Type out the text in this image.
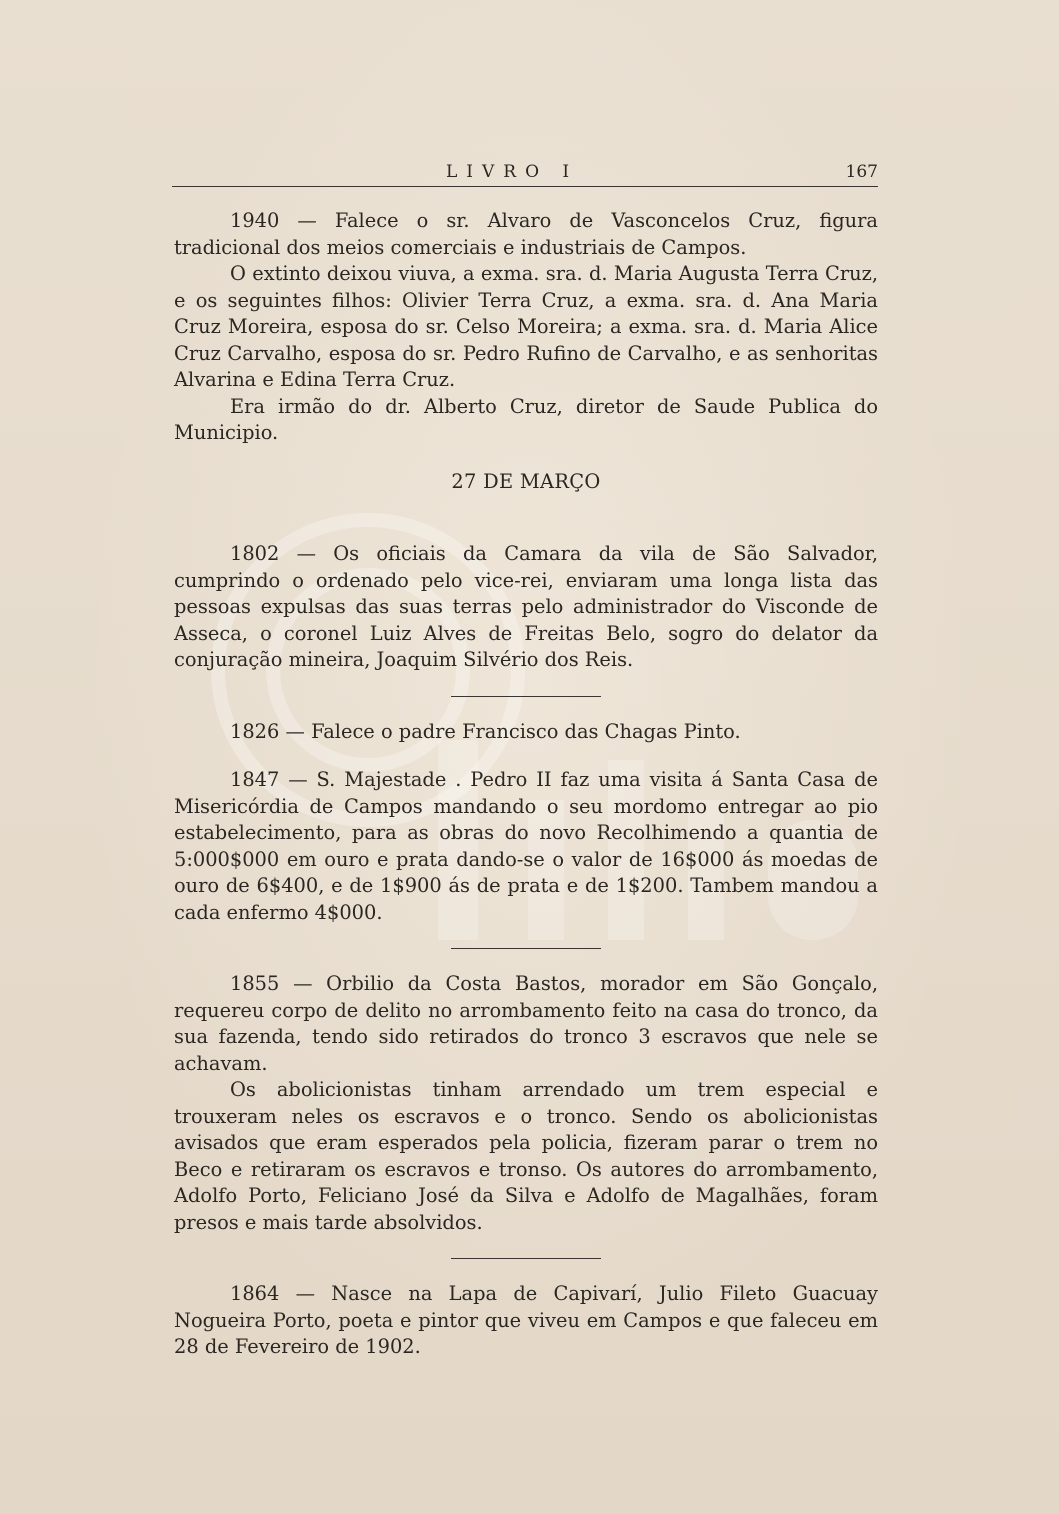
LIVRO I	167

1940 — Falece o sr. Alvaro de Vasconcelos Cruz, figura tradicional dos meios comerciais e industriais de Campos.

O extinto deixou viuva, a exma. sra. d. Maria Augusta Terra Cruz, e os seguintes filhos: Olivier Terra Cruz, a exma. sra. d. Ana Maria Cruz Moreira, esposa do sr. Celso Moreira; a exma. sra. d. Maria Alice Cruz Carvalho, esposa do sr. Pedro Rufino de Carvalho, e as senhoritas Alvarina e Edina Terra Cruz.

Era irmão do dr. Alberto Cruz, diretor de Saude Publica do Municipio.

27 DE MARÇO

1802 — Os oficiais da Camara da vila de São Salvador, cumprindo o ordenado pelo vice-rei, enviaram uma longa lista das pessoas expulsas das suas terras pelo administrador do Visconde de Asseca, o coronel Luiz Alves de Freitas Belo, sogro do delator da conjuração mineira, Joaquim Silvério dos Reis.

1826 — Falece o padre Francisco das Chagas Pinto.

1847 — S. Majestade . Pedro II faz uma visita á Santa Casa de Misericórdia de Campos mandando o seu mordomo entregar ao pio estabelecimento, para as obras do novo Recolhimendo a quantia de 5:000$000 em ouro e prata dando-se o valor de 16$000 ás moedas de ouro de 6$400, e de 1$900 ás de prata e de 1$200. Tambem mandou a cada enfermo 4$000.

1855 — Orbilio da Costa Bastos, morador em São Gonçalo, requereu corpo de delito no arrombamento feito na casa do tronco, da sua fazenda, tendo sido retirados do tronco 3 escravos que nele se achavam.

Os abolicionistas tinham arrendado um trem especial e trouxeram neles os escravos e o tronco. Sendo os abolicionistas avisados que eram esperados pela policia, fizeram parar o trem no Beco e retiraram os escravos e tronso. Os autores do arrombamento, Adolfo Porto, Feliciano José da Silva e Adolfo de Magalhães, foram presos e mais tarde absolvidos.

1864 — Nasce na Lapa de Capivarí, Julio Fileto Guacuay Nogueira Porto, poeta e pintor que viveu em Campos e que faleceu em 28 de Fevereiro de 1902.
